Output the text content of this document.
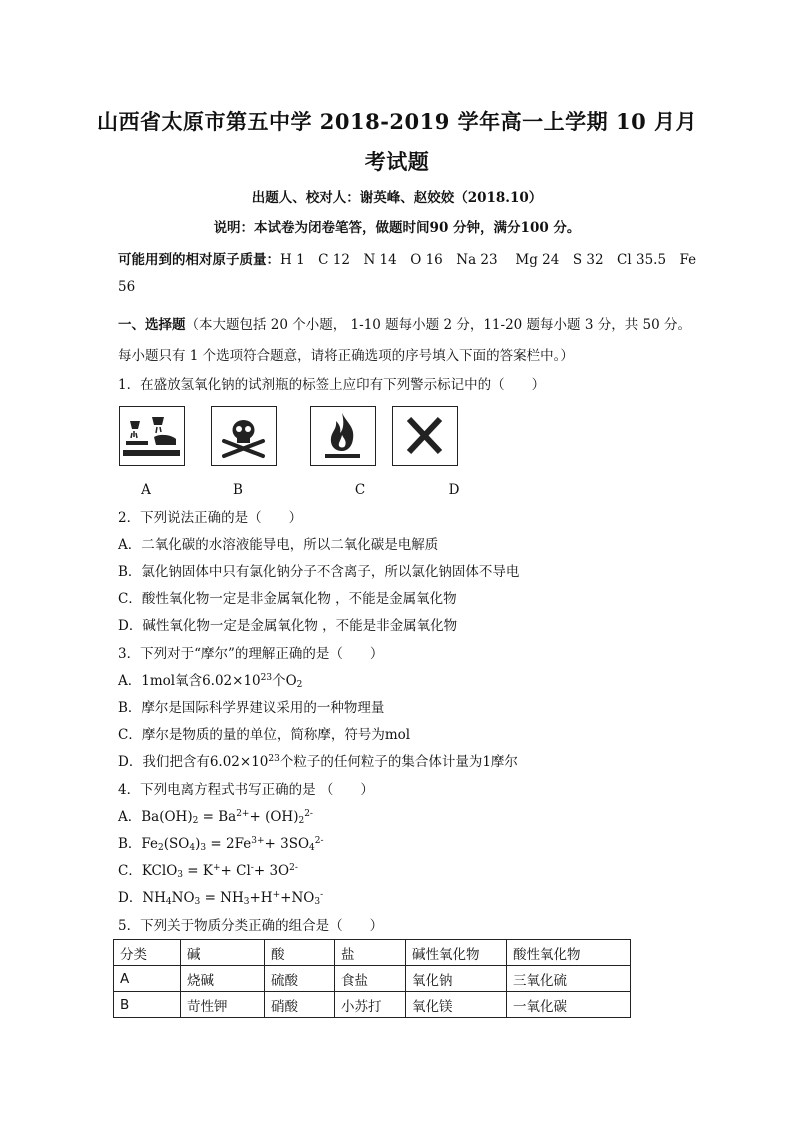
山西省太原市第五中学 2018-2019 学年高一上学期 10 月月
考试题
出题人、校对人：谢英峰、赵姣姣（2018.10）
说明：本试卷为闭卷笔答，做题时间90 分钟，满分100 分。
可能用到的相对原子质量：H 1　C 12　N 14　O 16　Na 23　 Mg 24　S 32　Cl 35.5　Fe
56
一、选择题（本大题包括 20 个小题， 1-10 题每小题 2 分，11-20 题每小题 3 分，共 50 分。
每小题只有 1 个选项符合题意，请将正确选项的序号填入下面的答案栏中。）
1．在盛放氢氧化钠的试剂瓶的标签上应印有下列警示标记中的（　　）
A	B	C	D
2．下列说法正确的是（　　）
A．二氧化碳的水溶液能导电，所以二氧化碳是电解质
B．氯化钠固体中只有氯化钠分子不含离子，所以氯化钠固体不导电
C．酸性氧化物一定是非金属氧化物 ，不能是金属氧化物
D．碱性氧化物一定是金属氧化物 ，不能是非金属氧化物
3．下列对于“摩尔”的理解正确的是（　　）
A．1mol氧含$6.02\times 10^{23}$个$O_2$
B．摩尔是国际科学界建议采用的一种物理量
C．摩尔是物质的量的单位，简称摩，符号为mol
D．我们把含有$6.02\times 10^{23}$个粒子的任何粒子的集合体计量为1摩尔
4．下列电离方程式书写正确的是 （　　）
A．$Ba(OH)_2 = Ba^{2+}+ (OH)_2^{2-}$
B．$Fe_2(SO_4)_3 = 2Fe^{3+}+ 3SO_4^{2-}$
C．KClO$_3$ = $K^++ Cl^-+ 3O^{2-}$
D．$NH_4NO_3 = NH_3+H^++NO_3^-$
5．下列关于物质分类正确的组合是（　　）
分类	碱	酸	盐	碱性氧化物	酸性氧化物
A	烧碱	硫酸	食盐	氧化钠	三氧化硫
B	苛性钾	硝酸	小苏打	氧化镁	一氧化碳
